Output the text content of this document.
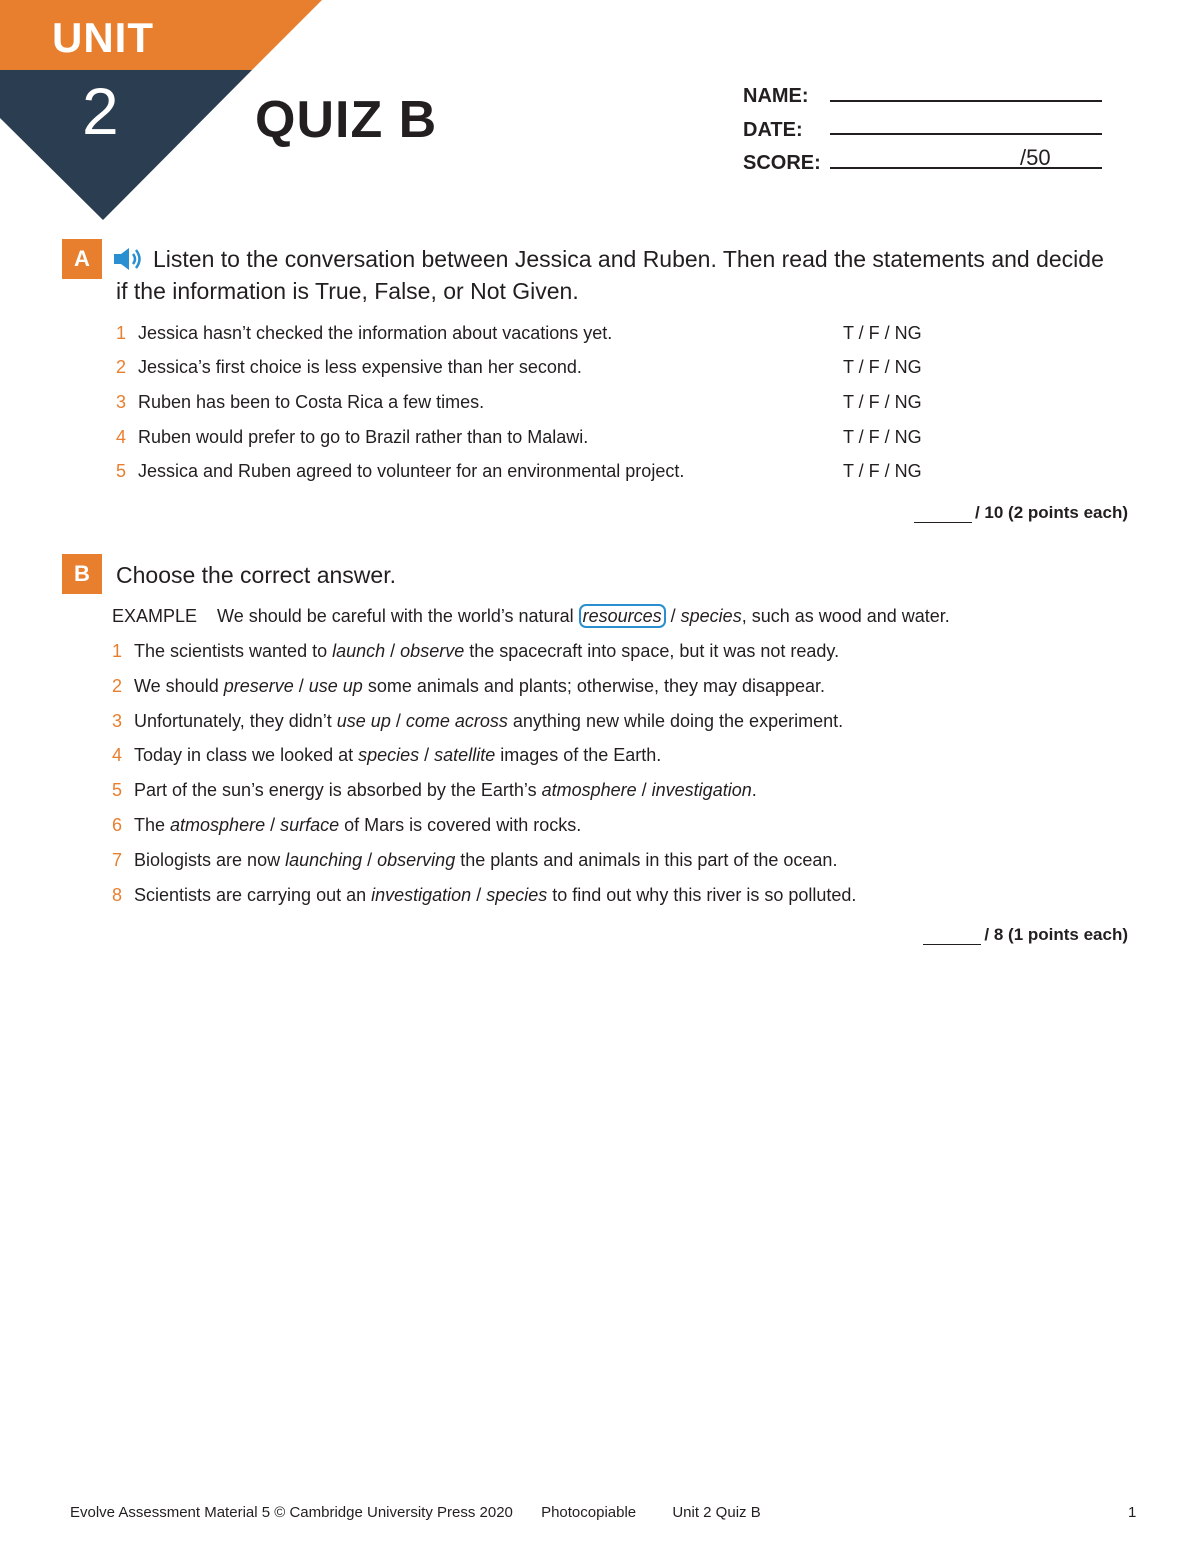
UNIT
2	QUIZ B	NAME:
DATE:
SCORE:	/50
A	Listen to the conversation between Jessica and Ruben. Then read the statements and decide if the information is True, False, or Not Given.
1 Jessica hasn’t checked the information about vacations yet.	T / F / NG
2 Jessica’s first choice is less expensive than her second.	T / F / NG
3 Ruben has been to Costa Rica a few times.	T / F / NG
4 Ruben would prefer to go to Brazil rather than to Malawi.	T / F / NG
5 Jessica and Ruben agreed to volunteer for an environmental project.	T / F / NG
/ 10 (2 points each)
B	Choose the correct answer.
EXAMPLE We should be careful with the world’s natural resources / species, such as wood and water.
1 The scientists wanted to launch / observe the spacecraft into space, but it was not ready.
2 We should preserve / use up some animals and plants; otherwise, they may disappear.
3 Unfortunately, they didn’t use up / come across anything new while doing the experiment.
4 Today in class we looked at species / satellite images of the Earth.
5 Part of the sun’s energy is absorbed by the Earth’s atmosphere / investigation.
6 The atmosphere / surface of Mars is covered with rocks.
7 Biologists are now launching / observing the plants and animals in this part of the ocean.
8 Scientists are carrying out an investigation / species to find out why this river is so polluted.
/ 8 (1 points each)
Evolve Assessment Material 5 © Cambridge University Press 2020 Photocopiable Unit 2 Quiz B	1
